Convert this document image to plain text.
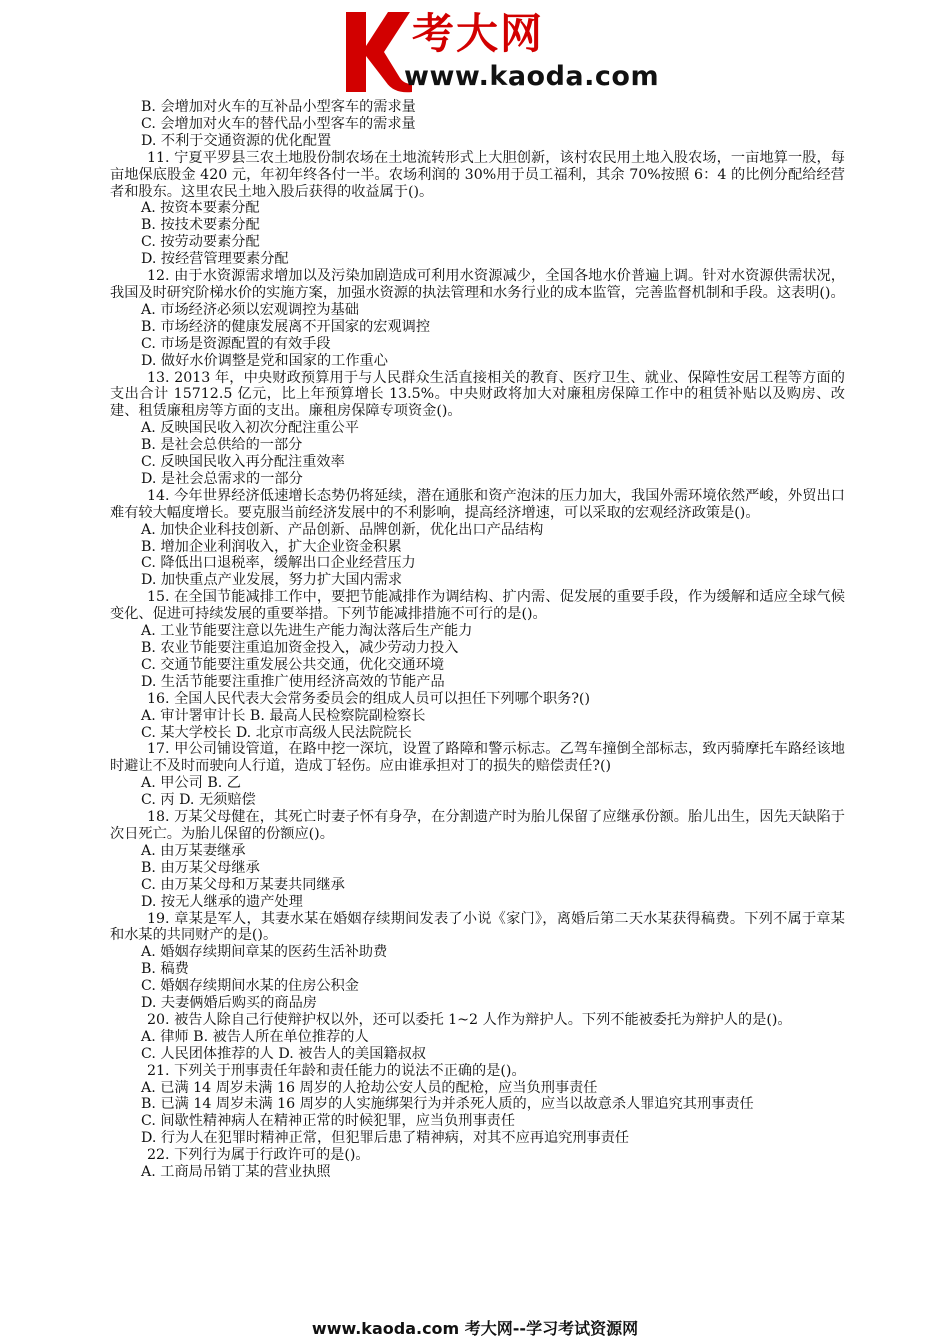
考大网
www.kaoda.com

B. 会增加对火车的互补品小型客车的需求量

C. 会增加对火车的替代品小型客车的需求量

D. 不利于交通资源的优化配置

11. 宁夏平罗县三农土地股份制农场在土地流转形式上大胆创新，该村农民用土地入股农场，一亩地算一股，每亩地保底股金 420 元，年初年终各付一半。农场利润的 30%用于员工福利，其余 70%按照 6：4 的比例分配给经营者和股东。这里农民土地入股后获得的收益属于()。

A. 按资本要素分配

B. 按技术要素分配

C. 按劳动要素分配

D. 按经营管理要素分配

12. 由于水资源需求增加以及污染加剧造成可利用水资源减少，全国各地水价普遍上调。针对水资源供需状况，我国及时研究阶梯水价的实施方案，加强水资源的执法管理和水务行业的成本监管，完善监督机制和手段。这表明()。

A. 市场经济必须以宏观调控为基础

B. 市场经济的健康发展离不开国家的宏观调控

C. 市场是资源配置的有效手段

D. 做好水价调整是党和国家的工作重心

13. 2013 年，中央财政预算用于与人民群众生活直接相关的教育、医疗卫生、就业、保障性安居工程等方面的支出合计 15712.5 亿元，比上年预算增长 13.5%。中央财政将加大对廉租房保障工作中的租赁补贴以及购房、改建、租赁廉租房等方面的支出。廉租房保障专项资金()。

A. 反映国民收入初次分配注重公平

B. 是社会总供给的一部分

C. 反映国民收入再分配注重效率

D. 是社会总需求的一部分

14. 今年世界经济低速增长态势仍将延续，潜在通胀和资产泡沫的压力加大，我国外需环境依然严峻，外贸出口难有较大幅度增长。要克服当前经济发展中的不利影响，提高经济增速，可以采取的宏观经济政策是()。

A. 加快企业科技创新、产品创新、品牌创新，优化出口产品结构

B. 增加企业利润收入，扩大企业资金积累

C. 降低出口退税率，缓解出口企业经营压力

D. 加快重点产业发展，努力扩大国内需求

15. 在全国节能减排工作中，要把节能减排作为调结构、扩内需、促发展的重要手段，作为缓解和适应全球气候变化、促进可持续发展的重要举措。下列节能减排措施不可行的是()。

A. 工业节能要注意以先进生产能力淘汰落后生产能力

B. 农业节能要注重追加资金投入，减少劳动力投入

C. 交通节能要注重发展公共交通，优化交通环境

D. 生活节能要注重推广使用经济高效的节能产品

16. 全国人民代表大会常务委员会的组成人员可以担任下列哪个职务?()

A. 审计署审计长 B. 最高人民检察院副检察长

C. 某大学校长 D. 北京市高级人民法院院长

17. 甲公司铺设管道，在路中挖一深坑，设置了路障和警示标志。乙驾车撞倒全部标志，致丙骑摩托车路经该地时避让不及时而驶向人行道，造成丁轻伤。应由谁承担对丁的损失的赔偿责任?()

A. 甲公司 B. 乙

C. 丙 D. 无须赔偿

18. 万某父母健在，其死亡时妻子怀有身孕，在分割遗产时为胎儿保留了应继承份额。胎儿出生，因先天缺陷于次日死亡。为胎儿保留的份额应()。

A. 由万某妻继承

B. 由万某父母继承

C. 由万某父母和万某妻共同继承

D. 按无人继承的遗产处理

19. 章某是军人，其妻水某在婚姻存续期间发表了小说《家门》，离婚后第二天水某获得稿费。下列不属于章某和水某的共同财产的是()。

A. 婚姻存续期间章某的医药生活补助费

B. 稿费

C. 婚姻存续期间水某的住房公积金

D. 夫妻俩婚后购买的商品房

20. 被告人除自己行使辩护权以外，还可以委托 1~2 人作为辩护人。下列不能被委托为辩护人的是()。

A. 律师 B. 被告人所在单位推荐的人

C. 人民团体推荐的人 D. 被告人的美国籍叔叔

21. 下列关于刑事责任年龄和责任能力的说法不正确的是()。

A. 已满 14 周岁未满 16 周岁的人抢劫公安人员的配枪，应当负刑事责任

B. 已满 14 周岁未满 16 周岁的人实施绑架行为并杀死人质的，应当以故意杀人罪追究其刑事责任

C. 间歇性精神病人在精神正常的时候犯罪，应当负刑事责任

D. 行为人在犯罪时精神正常，但犯罪后患了精神病，对其不应再追究刑事责任

22. 下列行为属于行政许可的是()。

A. 工商局吊销丁某的营业执照

www.kaoda.com 考大网--学习考试资源网
